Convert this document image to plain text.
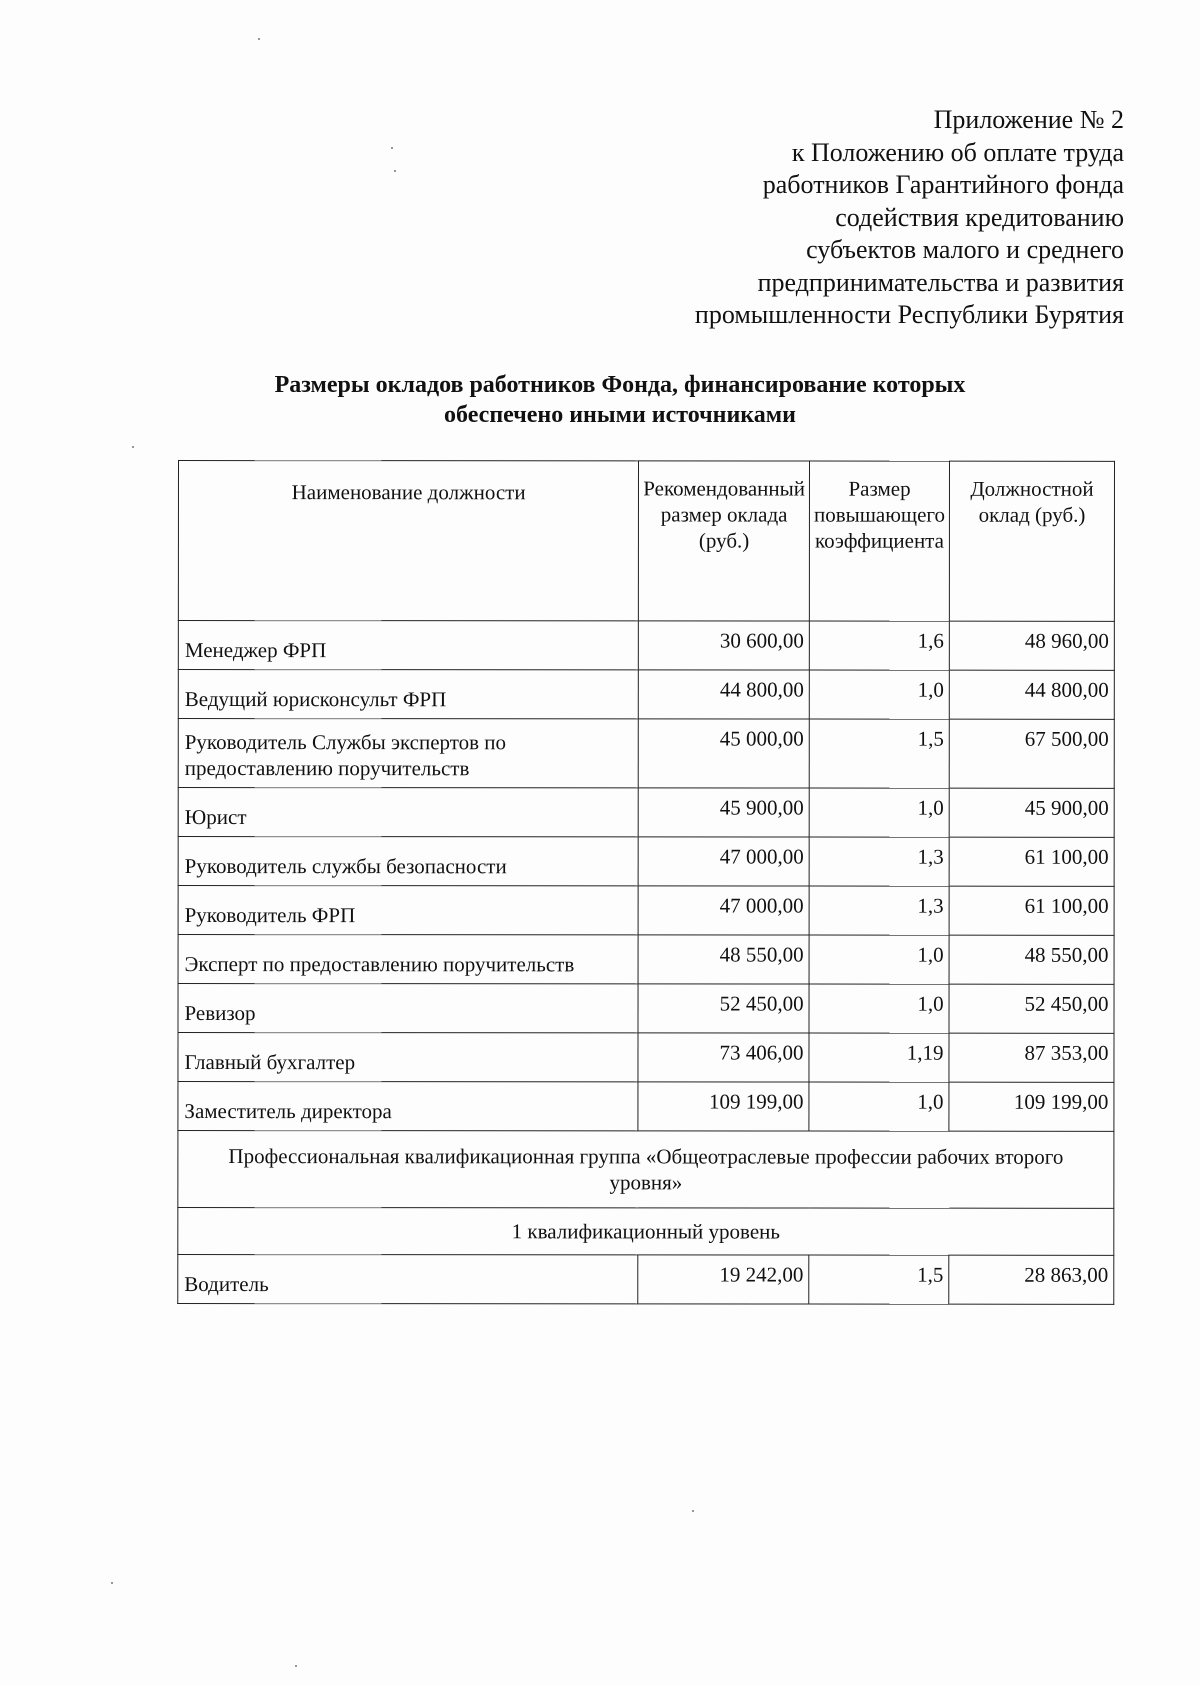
Приложение № 2
к Положению об оплате труда
работников Гарантийного фонда
содействия кредитованию
субъектов малого и среднего
предпринимательства и развития
промышленности Республики Бурятия
Размеры окладов работников Фонда, финансирование которых
обеспечено иными источниками
Наименование должности	Рекомендованный размер оклада (руб.)	Размер повышающего коэффициента	Должностной оклад (руб.)
Менеджер ФРП	30 600,00	1,6	48 960,00
Ведущий юрисконсульт ФРП	44 800,00	1,0	44 800,00
Руководитель Службы экспертов по предоставлению поручительств	45 000,00	1,5	67 500,00
Юрист	45 900,00	1,0	45 900,00
Руководитель службы безопасности	47 000,00	1,3	61 100,00
Руководитель ФРП	47 000,00	1,3	61 100,00
Эксперт по предоставлению поручительств	48 550,00	1,0	48 550,00
Ревизор	52 450,00	1,0	52 450,00
Главный бухгалтер	73 406,00	1,19	87 353,00
Заместитель директора	109 199,00	1,0	109 199,00
Профессиональная квалификационная группа «Общеотраслевые профессии рабочих второго уровня»			
1 квалификационный уровень			
Водитель	19 242,00	1,5	28 863,00
